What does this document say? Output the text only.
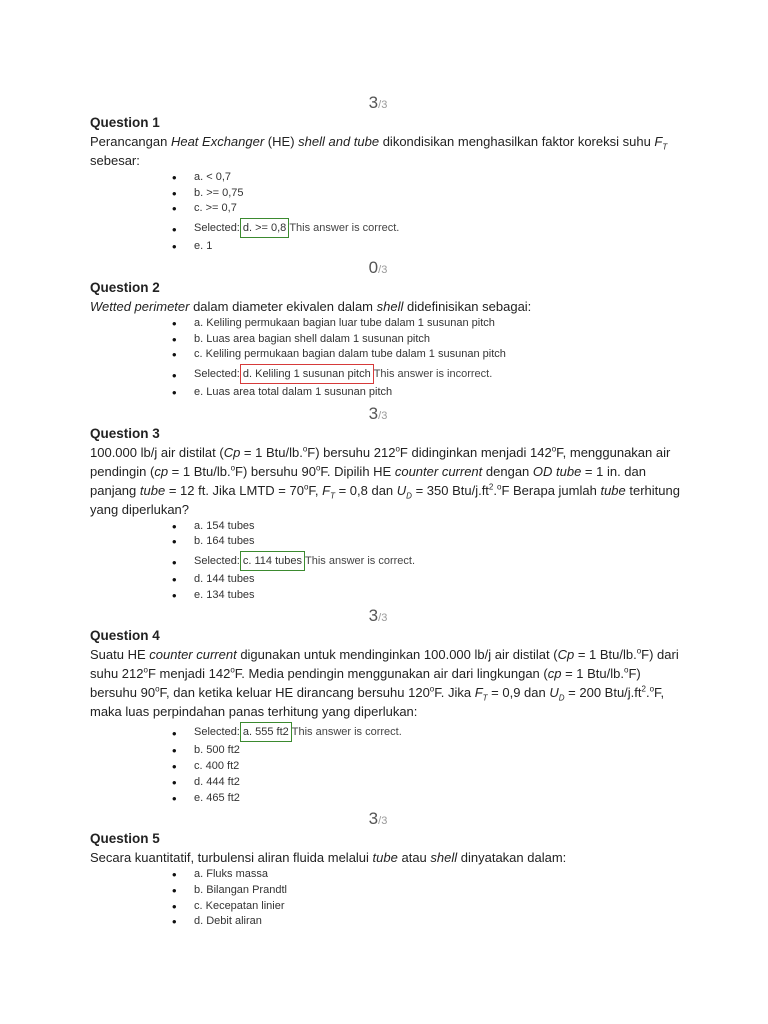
3/3

Question 1

Perancangan Heat Exchanger (HE) shell and tube dikondisikan menghasilkan faktor koreksi suhu $F_T$ sebesar:

• a. < 0,7
• b. >= 0,75
• c. >= 0,7
• Selected: d. >= 0,8 This answer is correct.
• e. 1
0/3

Question 2

Wetted perimeter dalam diameter ekivalen dalam shell didefinisikan sebagai:

• a. Keliling permukaan bagian luar tube dalam 1 susunan pitch
• b. Luas area bagian shell dalam 1 susunan pitch
• c. Keliling permukaan bagian dalam tube dalam 1 susunan pitch
• Selected: d. Keliling 1 susunan pitch This answer is incorrect.
• e. Luas area total dalam 1 susunan pitch
3/3

Question 3

100.000 lb/j air distilat (Cp = 1 Btu/lb.$^o$F) bersuhu 212$^o$F didinginkan menjadi 142$^o$F, menggunakan air pendingin (cp = 1 Btu/lb.$^o$F) bersuhu 90$^o$F. Dipilih HE counter current dengan OD tube = 1 in. dan panjang tube = 12 ft. Jika LMTD = $70^oF$, $F_T = 0,8$ dan $U_D = 350$ Btu/$j.ft^2.^oF$ Berapa jumlah tube terhitung yang diperlukan?

• a. 154 tubes
• b. 164 tubes
• Selected: c. 114 tubes This answer is correct.
• d. 144 tubes
• e. 134 tubes
3/3

Question 4

Suatu HE counter current digunakan untuk mendinginkan 100.000 lb/j air distilat (Cp = 1 Btu/lb.$^o$F) dari suhu 212$^o$F menjadi 142$^o$F. Media pendingin menggunakan air dari lingkungan (cp = 1 Btu/lb.$^o$F) bersuhu 90$^o$F, dan ketika keluar HE dirancang bersuhu 120$^o$F. Jika $F_T = 0,9$ dan $U_D = 200$ Btu/$j.ft^2.^oF$, maka luas perpindahan panas terhitung yang diperlukan:

• Selected: a. 555 ft2 This answer is correct.
• b. 500 ft2
• c. 400 ft2
• d. 444 ft2
• e. 465 ft2
3/3

Question 5

Secara kuantitatif, turbulensi aliran fluida melalui tube atau shell dinyatakan dalam:

• a. Fluks massa
• b. Bilangan Prandtl
• c. Kecepatan linier
• d. Debit aliran
